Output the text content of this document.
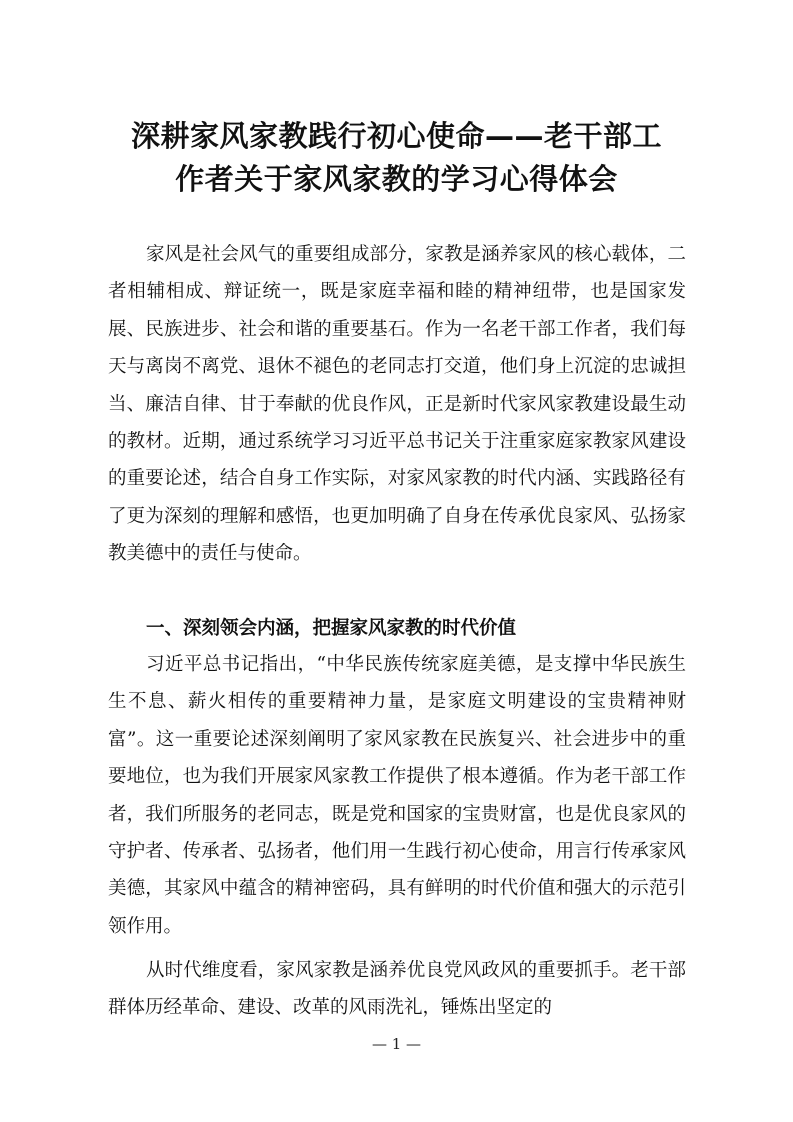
深耕家风家教践行初心使命——老干部工
作者关于家风家教的学习心得体会

家风是社会风气的重要组成部分，家教是涵养家风的核心载体，二者相辅相成、辩证统一，既是家庭幸福和睦的精神纽带，也是国家发展、民族进步、社会和谐的重要基石。作为一名老干部工作者，我们每天与离岗不离党、退休不褪色的老同志打交道，他们身上沉淀的忠诚担当、廉洁自律、甘于奉献的优良作风，正是新时代家风家教建设最生动的教材。近期，通过系统学习习近平总书记关于注重家庭家教家风建设的重要论述，结合自身工作实际，对家风家教的时代内涵、实践路径有了更为深刻的理解和感悟，也更加明确了自身在传承优良家风、弘扬家教美德中的责任与使命。

一、深刻领会内涵，把握家风家教的时代价值

习近平总书记指出，“中华民族传统家庭美德，是支撑中华民族生生不息、薪火相传的重要精神力量，是家庭文明建设的宝贵精神财富”。这一重要论述深刻阐明了家风家教在民族复兴、社会进步中的重要地位，也为我们开展家风家教工作提供了根本遵循。作为老干部工作者，我们所服务的老同志，既是党和国家的宝贵财富，也是优良家风的守护者、传承者、弘扬者，他们用一生践行初心使命，用言行传承家风美德，其家风中蕴含的精神密码，具有鲜明的时代价值和强大的示范引领作用。

从时代维度看，家风家教是涵养优良党风政风的重要抓手。老干部群体历经革命、建设、改革的风雨洗礼，锤炼出坚定的

— 1 —
